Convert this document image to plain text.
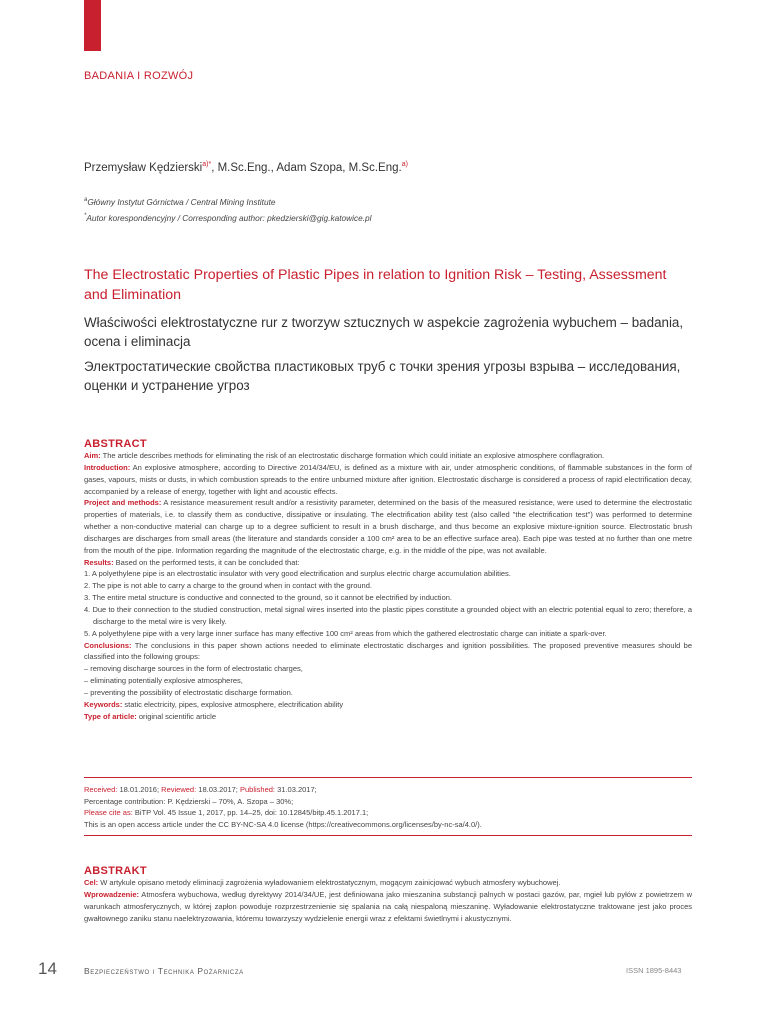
BADANIA I ROZWÓJ
Przemysław Kędzierski$^{a)*}$, M.Sc.Eng., Adam Szopa, M.Sc.Eng.$^{a)}$
$^a$Główny Instytut Górnictwa / Central Mining Institute
*Autor korespondencyjny / Corresponding author: pkedzierski@gig.katowice.pl
The Electrostatic Properties of Plastic Pipes in relation to Ignition Risk – Testing, Assessment and Elimination
Właściwości elektrostatyczne rur z tworzyw sztucznych w aspekcie zagrożenia wybuchem – badania, ocena i eliminacja
Электростатические свойства пластиковых труб с точки зрения угрозы взрыва – исследования, оценки и устранение угроз
ABSTRACT

Aim: The article describes methods for eliminating the risk of an electrostatic discharge formation which could initiate an explosive atmosphere conflagration.

Introduction: An explosive atmosphere, according to Directive 2014/34/EU, is defined as a mixture with air, under atmospheric conditions, of flammable substances in the form of gases, vapours, mists or dusts, in which combustion spreads to the entire unburned mixture after ignition. Electrostatic discharge is considered a process of rapid electrification decay, accompanied by a release of energy, together with light and acoustic effects.

Project and methods: A resistance measurement result and/or a resistivity parameter, determined on the basis of the measured resistance, were used to determine the electrostatic properties of materials, i.e. to classify them as conductive, dissipative or insulating. The electrification ability test (also called "the electrification test") was performed to determine whether a non-conductive material can charge up to a degree sufficient to result in a brush discharge, and thus become an explosive mixture-ignition source. Electrostatic brush discharges are discharges from small areas (the literature and standards consider a 100 cm² area to be an effective surface area). Each pipe was tested at no further than one metre from the mouth of the pipe. Information regarding the magnitude of the electrostatic charge, e.g. in the middle of the pipe, was not available.

Results: Based on the performed tests, it can be concluded that:

1. A polyethylene pipe is an electrostatic insulator with very good electrification and surplus electric charge accumulation abilities.
2. The pipe is not able to carry a charge to the ground when in contact with the ground.
3. The entire metal structure is conductive and connected to the ground, so it cannot be electrified by induction.
4. Due to their connection to the studied construction, metal signal wires inserted into the plastic pipes constitute a grounded object with an electric potential equal to zero; therefore, a discharge to the metal wire is very likely.
5. A polyethylene pipe with a very large inner surface has many effective 100 cm² areas from which the gathered electrostatic charge can initiate a spark-over.

Conclusions: The conclusions in this paper shown actions needed to eliminate electrostatic discharges and ignition possibilities. The proposed preventive measures should be classified into the following groups:

– removing discharge sources in the form of electrostatic charges,
– eliminating potentially explosive atmospheres,
– preventing the possibility of electrostatic discharge formation.

Keywords: static electricity, pipes, explosive atmosphere, electrification ability

Type of article: original scientific article

Received: 18.01.2016; Reviewed: 18.03.2017; Published: 31.03.2017;

Percentage contribution: P. Kędzierski – 70%, A. Szopa – 30%;

Please cite as: BiTP Vol. 45 Issue 1, 2017, pp. 14–25, doi: 10.12845/bitp.45.1.2017.1;

This is an open access article under the CC BY-NC-SA 4.0 license (https://creativecommons.org/licenses/by-nc-sa/4.0/).

ABSTRAKT

Cel: W artykule opisano metody eliminacji zagrożenia wyładowaniem elektrostatycznym, mogącym zainicjować wybuch atmosfery wybuchowej.

Wprowadzenie: Atmosfera wybuchowa, według dyrektywy 2014/34/UE, jest definiowana jako mieszanina substancji palnych w postaci gazów, par, mgieł lub pyłów z powietrzem w warunkach atmosferycznych, w której zapłon powoduje rozprzestrzenienie się spalania na całą niespaloną mieszaninę. Wyładowanie elektrostatyczne traktowane jest jako proces gwałtownego zaniku stanu naelektryzowania, któremu towarzyszy wydzielenie energii wraz z efektami świetlnymi i akustycznymi.

14	Bezpieczeństwo i Technika Pożarnicza	ISSN 1895-8443
